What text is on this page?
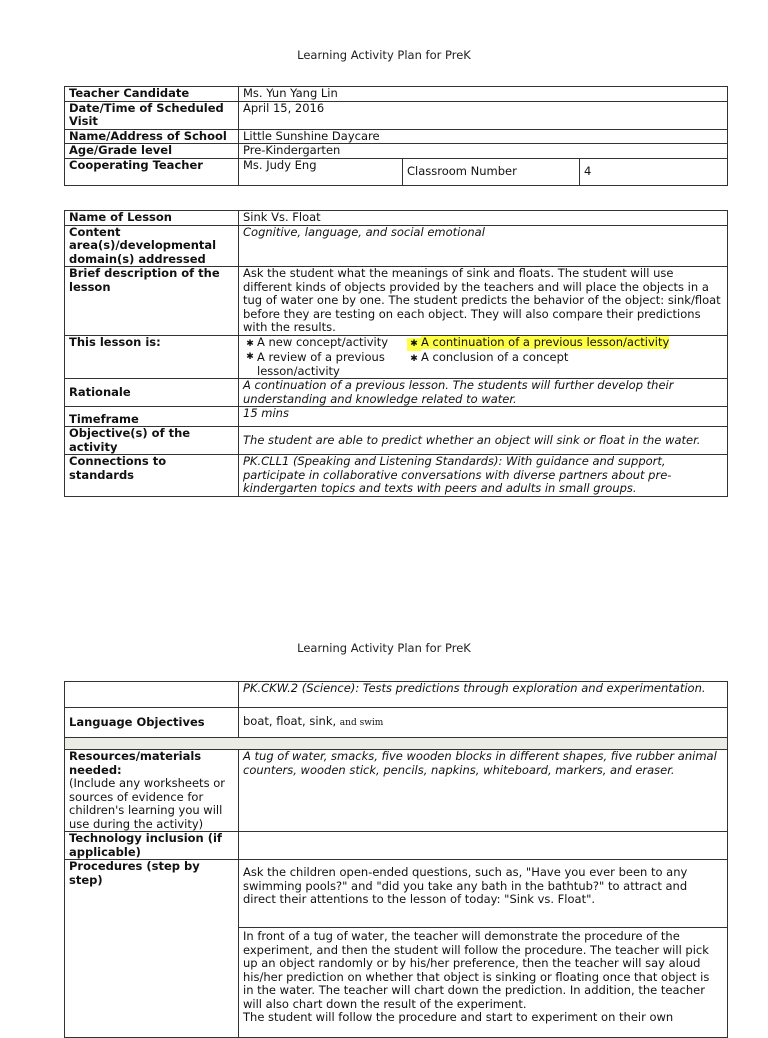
Learning Activity Plan for PreK
Teacher Candidate	Ms. Yun Yang Lin		
Date/Time of Scheduled Visit	April 15, 2016		
Name/Address of School	Little Sunshine Daycare		
Age/Grade level	Pre-Kindergarten		
Cooperating Teacher	Ms. Judy Eng	Classroom Number	4
Name of Lesson	Sink Vs. Float
Content area(s)/developmental domain(s) addressed	Cognitive, language, and social emotional
Brief description of the lesson	Ask the student what the meanings of sink and floats. The student will use different kinds of objects provided by the teachers and will place the objects in a tug of water one by one. The student predicts the behavior of the object: sink/float before they are testing on each object. They will also compare their predictions with the results.
This lesson is:	✱ A new concept/activity ✱ A continuation of a previous lesson/activity
✱ A review of a previous lesson/activity
✱ A conclusion of a concept

Rationale	A continuation of a previous lesson. The students will further develop their understanding and knowledge related to water.
Timeframe	15 mins
Objective(s) of the activity	The student are able to predict whether an object will sink or float in the water.
Connections to standards	PK.CLL1 (Speaking and Listening Standards): With guidance and support, participate in collaborative conversations with diverse partners about pre-kindergarten topics and texts with peers and adults in small groups.
Learning Activity Plan for PreK
	PK.CKW.2 (Science): Tests predictions through exploration and experimentation.
Language Objectives	boat, float, sink, and swim

Resources/materials needed:
(Include any worksheets or sources of evidence for children's learning you will use during the activity)	A tug of water, smacks, five wooden blocks in different shapes, five rubber animal counters, wooden stick, pencils, napkins, whiteboard, markers, and eraser.
Technology inclusion (if applicable)	
Procedures (step by step)	Ask the children open-ended questions, such as, "Have you ever been to any swimming pools?" and "did you take any bath in the bathtub?" to attract and direct their attentions to the lesson of today: "Sink vs. Float".

	In front of a tug of water, the teacher will demonstrate the procedure of the experiment, and then the student will follow the procedure. The teacher will pick up an object randomly or by his/her preference, then the teacher will say aloud his/her prediction on whether that object is sinking or floating once that object is in the water. The teacher will chart down the prediction. In addition, the teacher will also chart down the result of the experiment.
The student will follow the procedure and start to experiment on their own
